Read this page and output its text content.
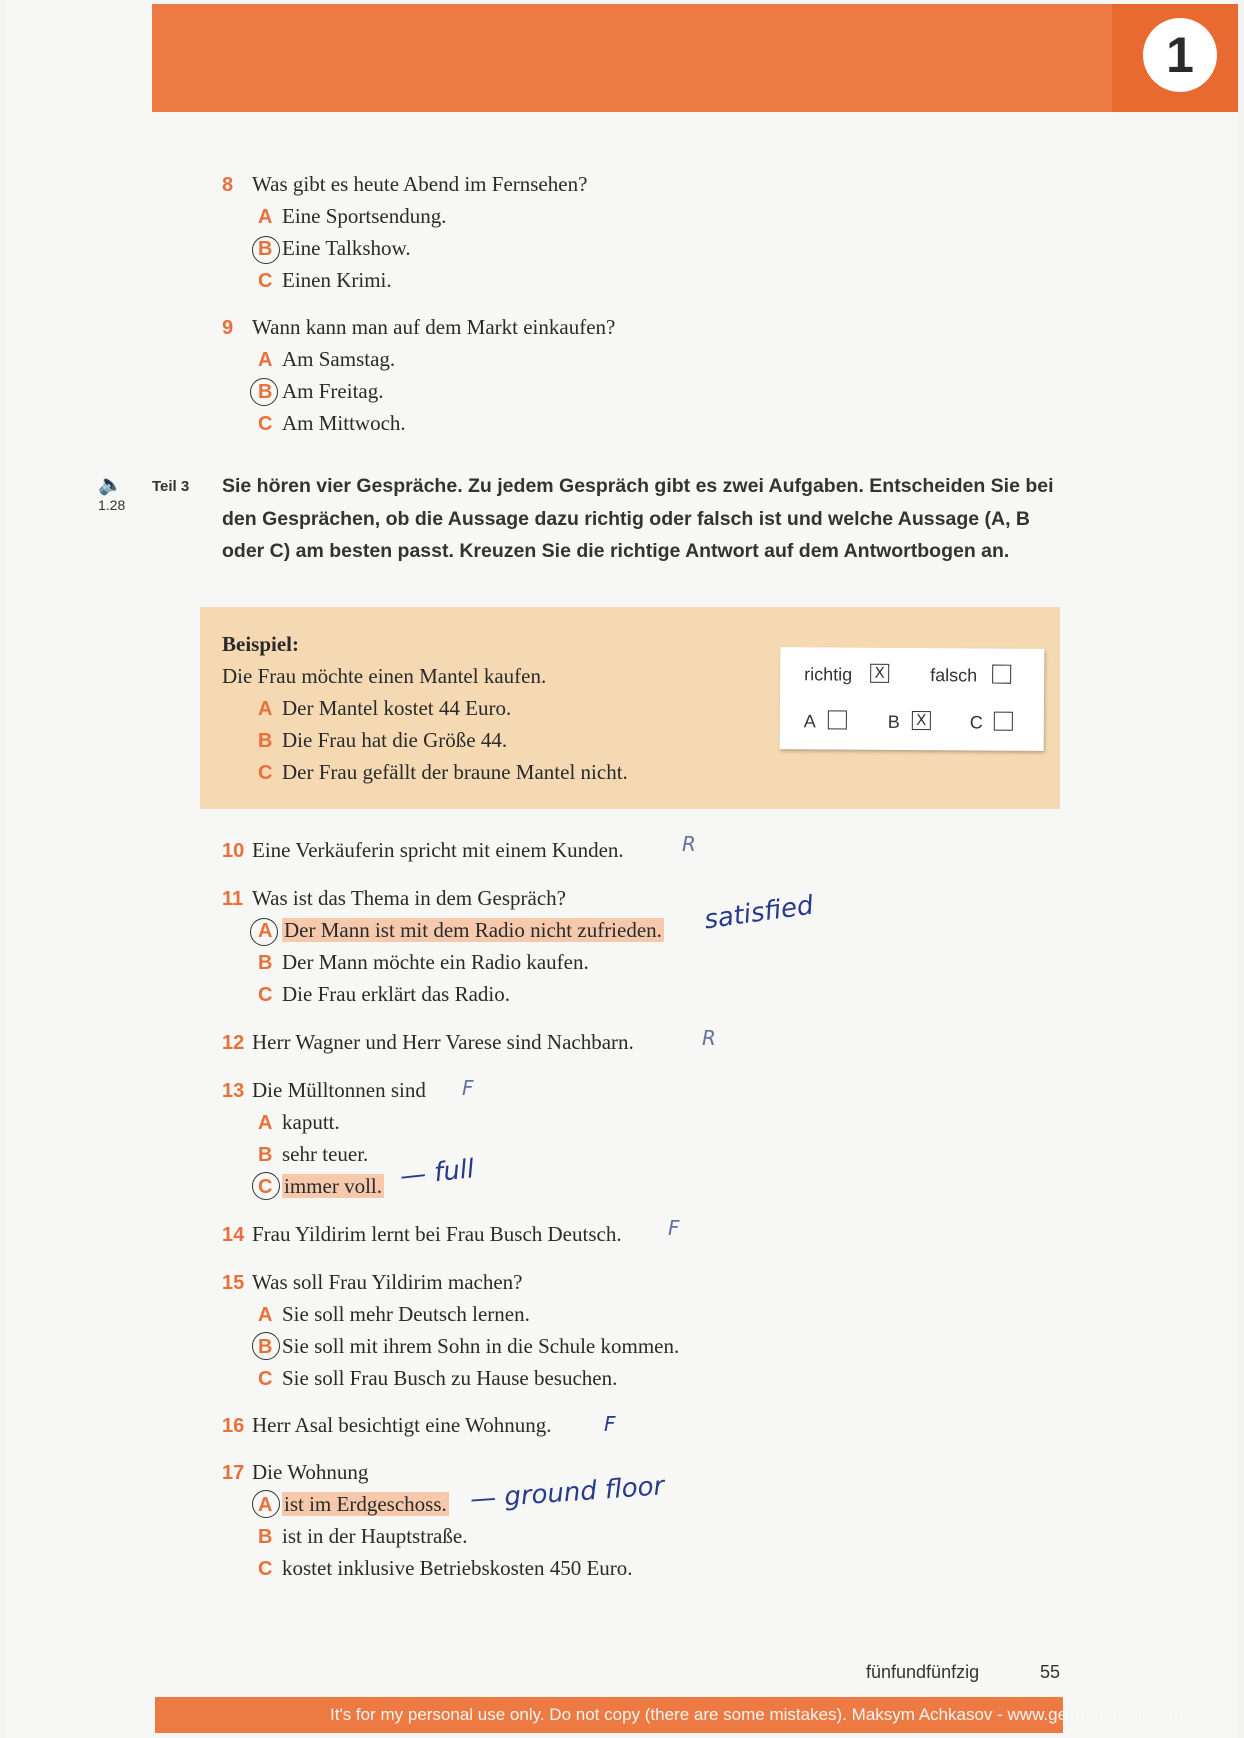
1
8 Was gibt es heute Abend im Fernsehen?
A Eine Sportsendung.
B Eine Talkshow.
C Einen Krimi.
9 Wann kann man auf dem Markt einkaufen?
A Am Samstag.
B Am Freitag.
C Am Mittwoch.
🔈
1.28
Teil 3 Sie hören vier Gespräche. Zu jedem Gespräch gibt es zwei Aufgaben. Entscheiden Sie bei den Gesprächen, ob die Aussage dazu richtig oder falsch ist und welche Aussage (A, B oder C) am besten passt. Kreuzen Sie die richtige Antwort auf dem Antwortbogen an.
Beispiel:
Die Frau möchte einen Mantel kaufen.
A Der Mantel kostet 44 Euro.
B Die Frau hat die Größe 44.
C Der Frau gefällt der braune Mantel nicht.
richtig X	falsch
A	B X C
10 Eine Verkäuferin spricht mit einem Kunden.	R
11 Was ist das Thema in dem Gespräch?
A Der Mann ist mit dem Radio nicht zufrieden. satisfied
B Der Mann möchte ein Radio kaufen.
C Die Frau erklärt das Radio.
12 Herr Wagner und Herr Varese sind Nachbarn.	R
13 Die Mülltonnen sind F
A kaputt.
B sehr teuer.
C immer voll. — full
14 Frau Yildirim lernt bei Frau Busch Deutsch. F
15 Was soll Frau Yildirim machen?
A Sie soll mehr Deutsch lernen.
B Sie soll mit ihrem Sohn in die Schule kommen.
C Sie soll Frau Busch zu Hause besuchen.
16 Herr Asal besichtigt eine Wohnung.	F
17 Die Wohnung
A ist im Erdgeschoss. — ground floor
B ist in der Hauptstraße.
C kostet inklusive Betriebskosten 450 Euro.
fünfundfünfzig	55
It's for my personal use only. Do not copy (there are some mistakes). Maksym Achkasov - www.german4real.com
